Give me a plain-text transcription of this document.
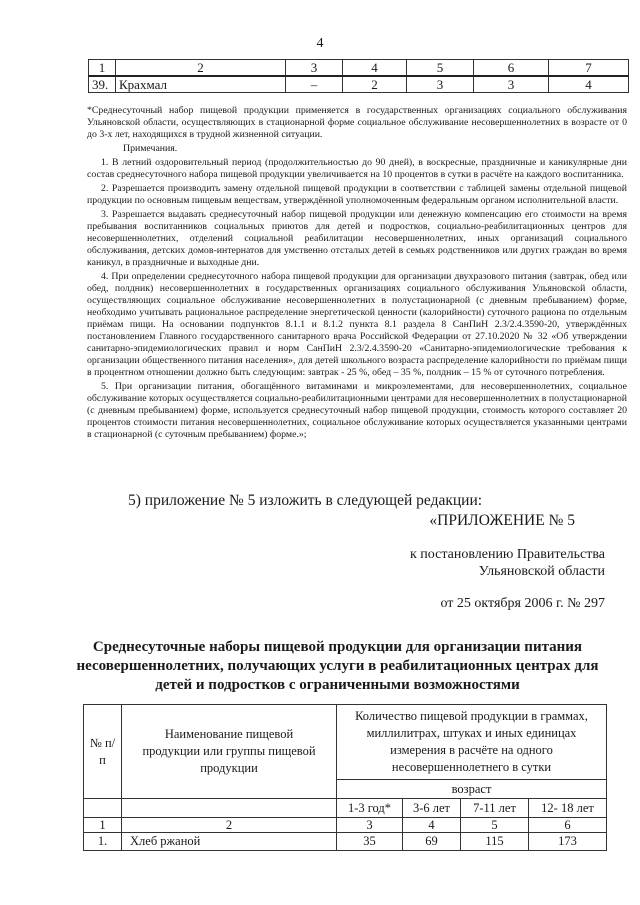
4
1	2	3	4	5	6	7
39.	Крахмал	–	2	3	3	4

*Среднесуточный набор пищевой продукции применяется в государственных организациях социального обслуживания Ульяновской области, осуществляющих в стационарной форме социальное обслуживание несовершеннолетних в возрасте от 0 до 3-х лет, находящихся в трудной жизненной ситуации.

Примечания.

1. В летний оздоровительный период (продолжительностью до 90 дней), в воскресные, праздничные и каникулярные дни состав среднесуточного набора пищевой продукции увеличивается на 10 процентов в сутки в расчёте на каждого воспитанника.

2. Разрешается производить замену отдельной пищевой продукции в соответствии с таблицей замены отдельной пищевой продукции по основным пищевым веществам, утверждённой уполномоченным федеральным органом исполнительной власти.

3. Разрешается выдавать среднесуточный набор пищевой продукции или денежную компенсацию его стоимости на время пребывания воспитанников социальных приютов для детей и подростков, социально-реабилитационных центров для несовершеннолетних, отделений социальной реабилитации несовершеннолетних, иных организаций социального обслуживания, детских домов-интернатов для умственно отсталых детей в семьях родственников или других граждан во время каникул, в праздничные и выходные дни.

4. При определении среднесуточного набора пищевой продукции для организации двухразового питания (завтрак, обед или обед, полдник) несовершеннолетних в государственных организациях социального обслуживания Ульяновской области, осуществляющих социальное обслуживание несовершеннолетних в полустационарной (с дневным пребыванием) форме, необходимо учитывать рациональное распределение энергетической ценности (калорийности) суточного рациона по отдельным приёмам пищи. На основании подпунктов 8.1.1 и 8.1.2 пункта 8.1 раздела 8 СанПиН 2.3/2.4.3590-20, утверждённых постановлением Главного государственного санитарного врача Российской Федерации от 27.10.2020 № 32 «Об утверждении санитарно-эпидемиологических правил и норм СанПиН 2.3/2.4.3590-20 «Санитарно-эпидемиологические требования к организации общественного питания населения», для детей школьного возраста распределение калорийности по приёмам пищи в процентном отношении должно быть следующим: завтрак - 25 %, обед – 35 %, полдник – 15 % от суточного потребления.

5. При организации питания, обогащённого витаминами и микроэлементами, для несовершеннолетних, социальное обслуживание которых осуществляется социально-реабилитационными центрами для несовершеннолетних в полустационарной (с дневным пребыванием) форме, используется среднесуточный набор пищевой продукции, стоимость которого составляет 20 процентов стоимости питания несовершеннолетних, социальное обслуживание которых осуществляется указанными центрами в стационарной (с суточным пребыванием) форме.»;

5) приложение № 5 изложить в следующей редакции:
«ПРИЛОЖЕНИЕ № 5
к постановлению Правительства
Ульяновской области
от 25 октября 2006 г. № 297
Среднесуточные наборы пищевой продукции для организации питания несовершеннолетних, получающих услуги в реабилитационных центрах для детей и подростков с ограниченными возможностями
№ п/п	Наименование пищевой продукции или группы пищевой продукции	Количество пищевой продукции в граммах, миллилитрах, штуках и иных единицах измерения в расчёте на одного несовершеннолетнего в сутки			
		возраст			
		1-3 год*	3-6 лет	7-11 лет	12- 18 лет
1	2	3	4	5	6
1.	Хлеб ржаной	35	69	115	173
